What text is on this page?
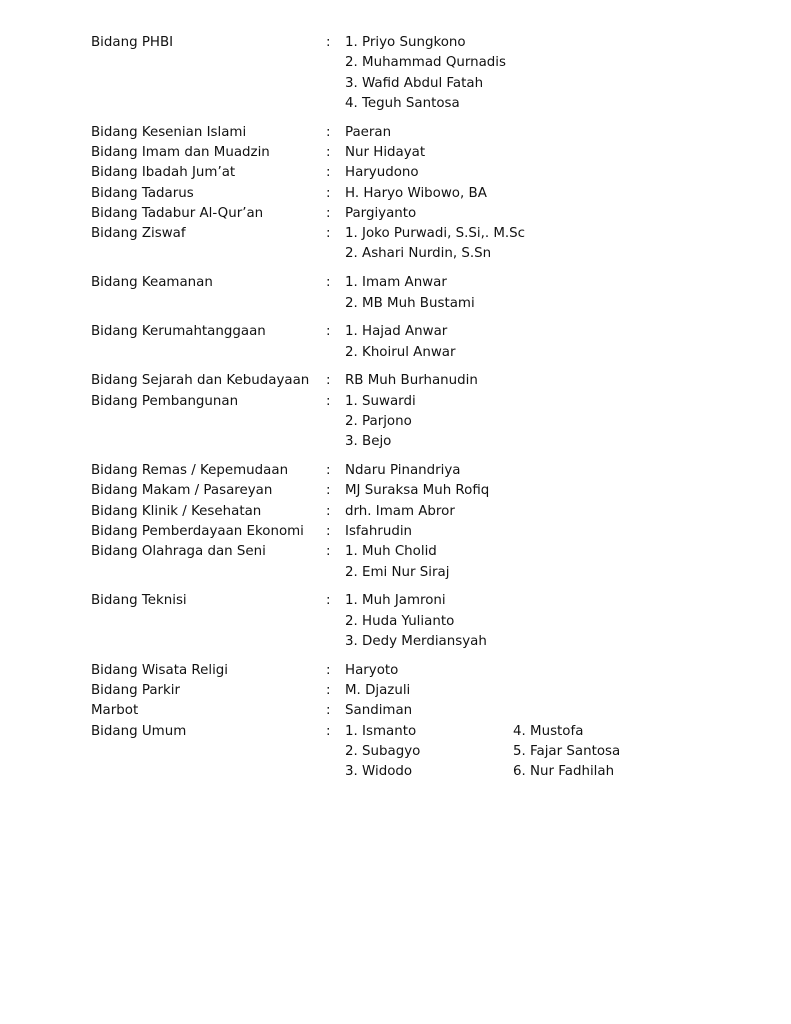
Bidang PHBI	: 1. Priyo Sungkono
2. Muhammad Qurnadis
3. Wafid Abdul Fatah
4. Teguh Santosa
Bidang Kesenian Islami	: Paeran
Bidang Imam dan Muadzin	: Nur Hidayat
Bidang Ibadah Jum’at	: Haryudono
Bidang Tadarus	: H. Haryo Wibowo, BA
Bidang Tadabur Al-Qur’an	: Pargiyanto
Bidang Ziswaf	: 1. Joko Purwadi, S.Si,. M.Sc
2. Ashari Nurdin, S.Sn
Bidang Keamanan	: 1. Imam Anwar
2. MB Muh Bustami
Bidang Kerumahtanggaan	: 1. Hajad Anwar
2. Khoirul Anwar
Bidang Sejarah dan Kebudayaan : RB Muh Burhanudin
Bidang Pembangunan	: 1. Suwardi
2. Parjono
3. Bejo
Bidang Remas / Kepemudaan	: Ndaru Pinandriya
Bidang Makam / Pasareyan	: MJ Suraksa Muh Rofiq
Bidang Klinik / Kesehatan	: drh. Imam Abror
Bidang Pemberdayaan Ekonomi : Isfahrudin
Bidang Olahraga dan Seni	: 1. Muh Cholid
2. Emi Nur Siraj
Bidang Teknisi	: 1. Muh Jamroni
2. Huda Yulianto
3. Dedy Merdiansyah
Bidang Wisata Religi	: Haryoto
Bidang Parkir	: M. Djazuli
Marbot	: Sandiman
Bidang Umum	: 1. Ismanto	4. Mustofa
2. Subagyo	5. Fajar Santosa
3. Widodo	6. Nur Fadhilah
